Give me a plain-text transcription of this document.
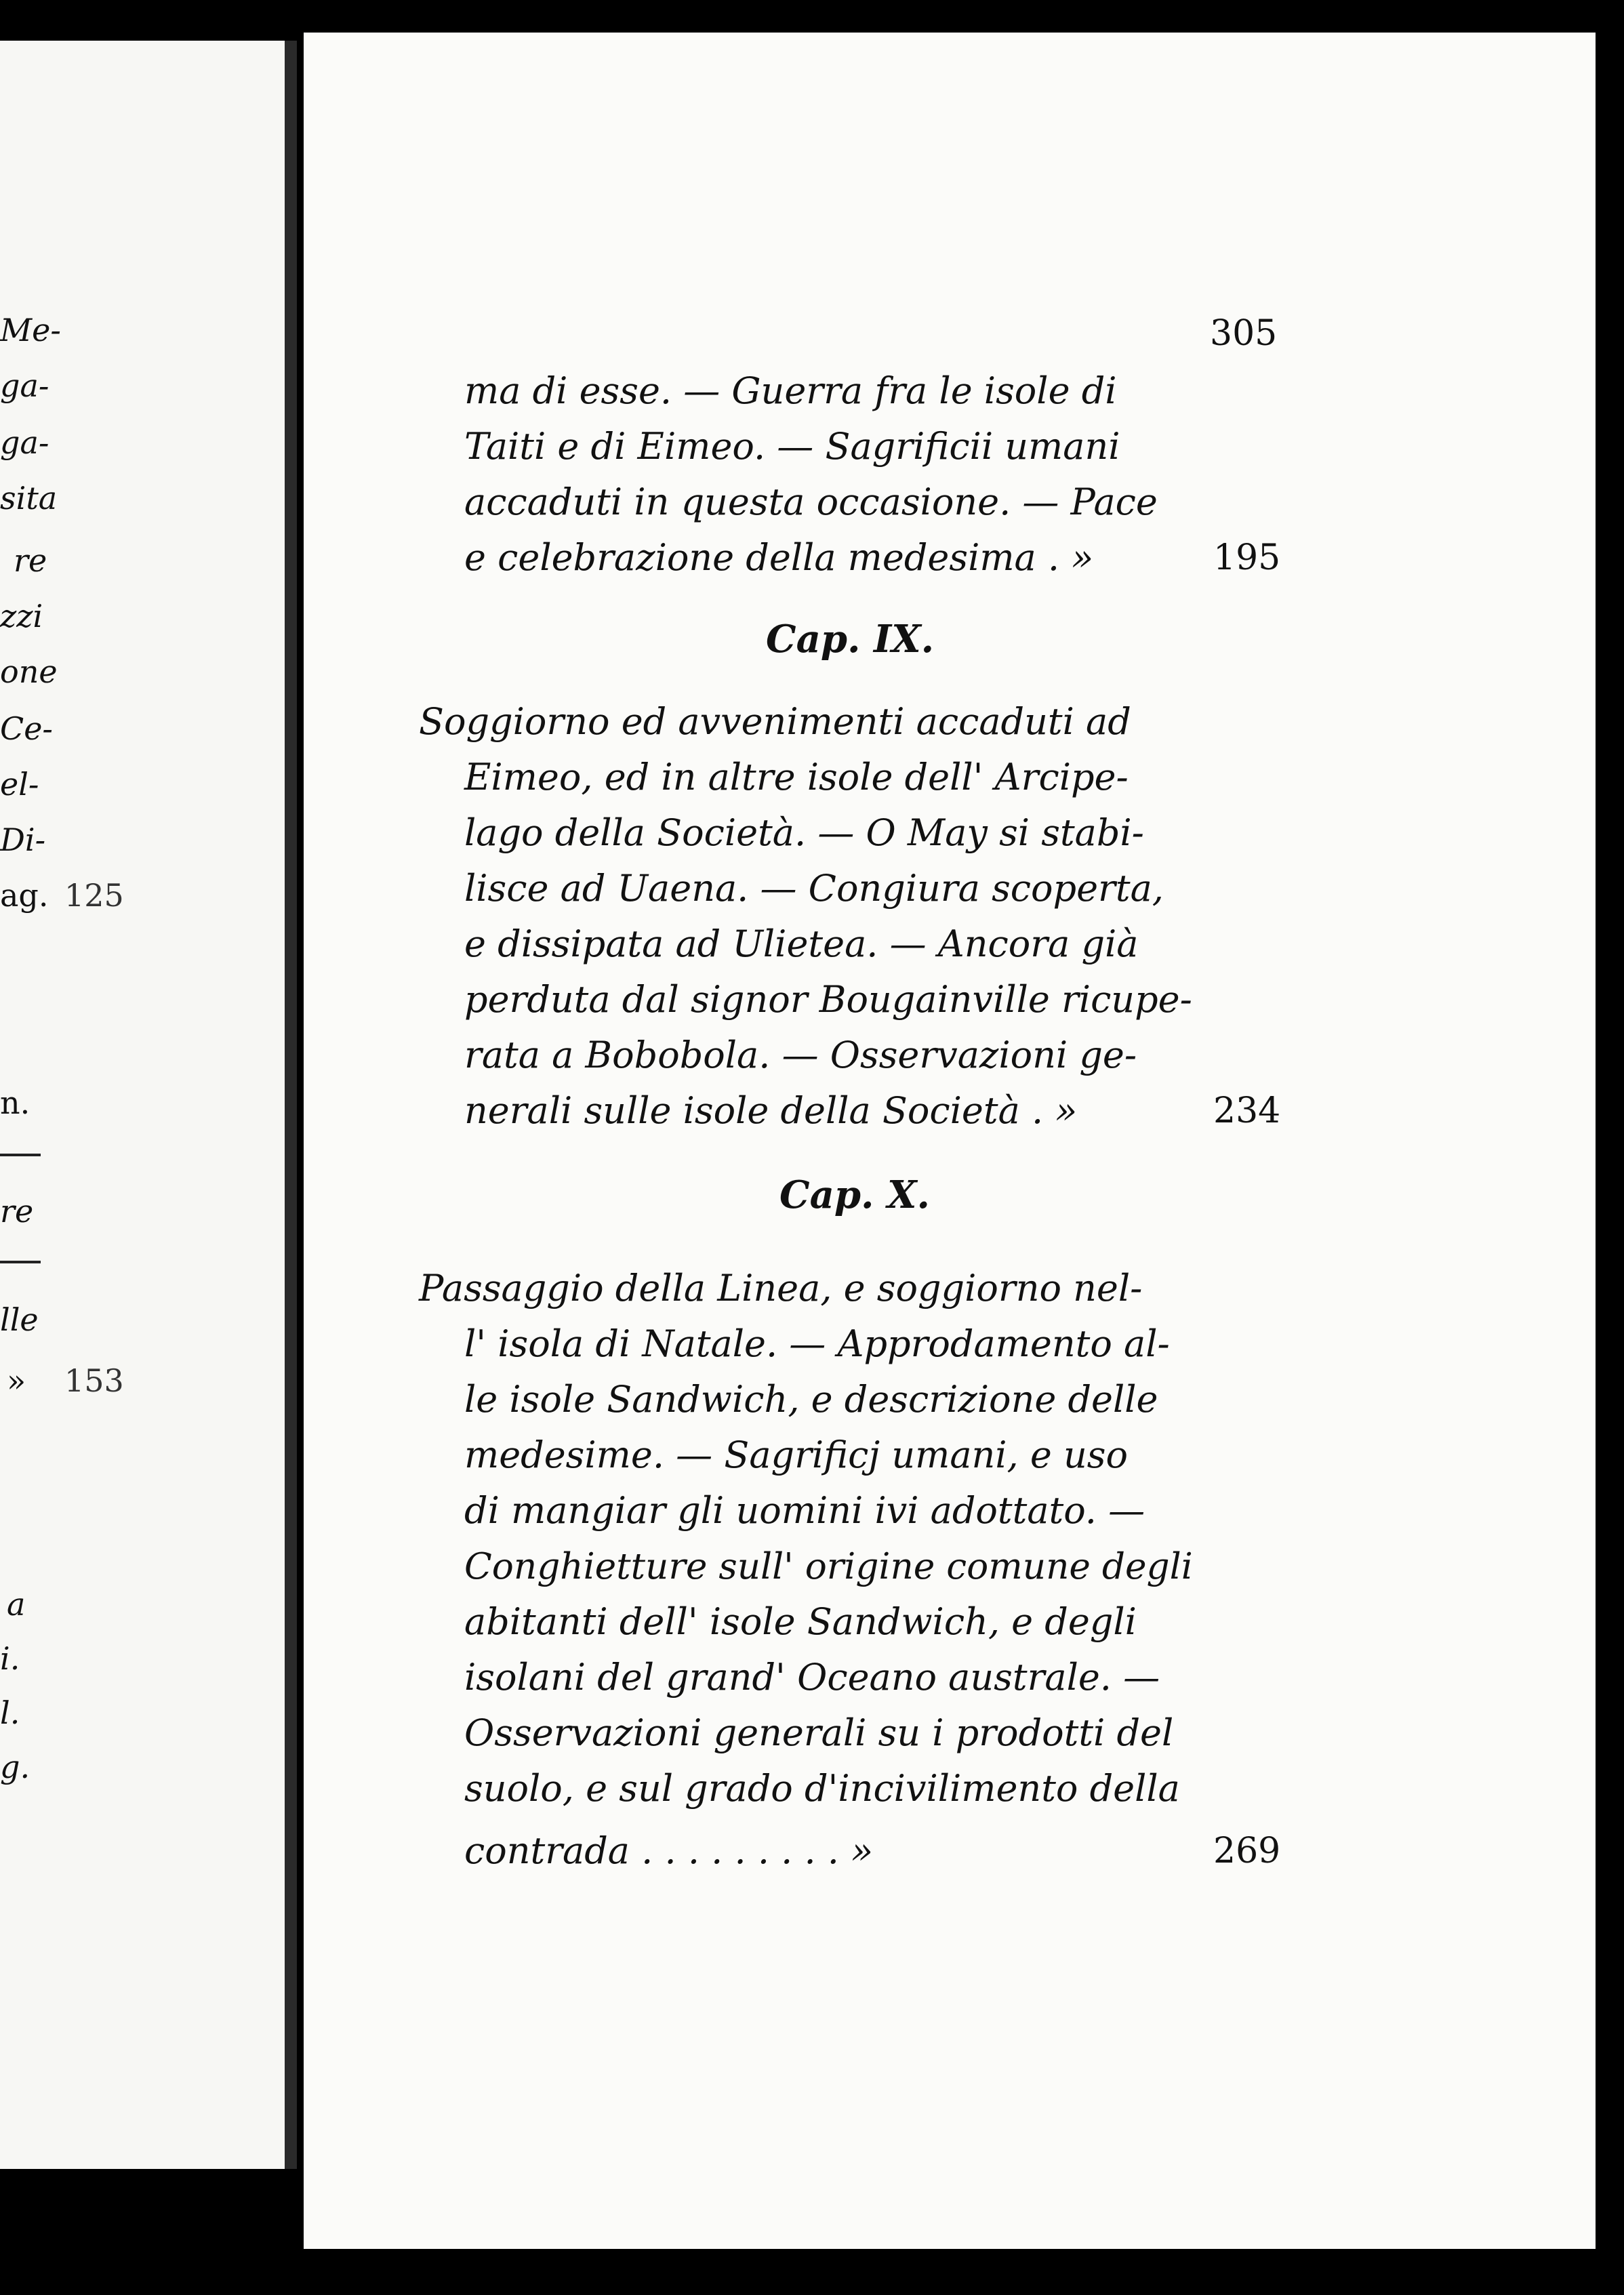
Me-
ga-
ga-
sita
re
zzi
one
Ce-
el-
Di-
ag. 125
n.
re
lle
» 153
a
i.
l.
g.
305
ma di esse. — Guerra fra le isole di
Taiti e di Eimeo. — Sagrificii umani
accaduti in questa occasione. — Pace
e celebrazione della medesima . »	195
Cap. IX.
Soggiorno ed avvenimenti accaduti ad
Eimeo, ed in altre isole dell' Arcipe-
lago della Società. — O May si stabi-
lisce ad Uaena. — Congiura scoperta,
e dissipata ad Ulietea. — Ancora già
perduta dal signor Bougainville ricupe-
rata a Bobobola. — Osservazioni ge-
nerali sulle isole della Società . »	234
Cap. X.
Passaggio della Linea, e soggiorno nel-
l' isola di Natale. — Approdamento al-
le isole Sandwich, e descrizione delle
medesime. — Sagrificj umani, e uso
di mangiar gli uomini ivi adottato. —
Conghietture sull' origine comune degli
abitanti dell' isole Sandwich, e degli
isolani del grand' Oceano australe. —
Osservazioni generali su i prodotti del
suolo, e sul grado d'incivilimento della
contrada . . . . . . . . . »	269
